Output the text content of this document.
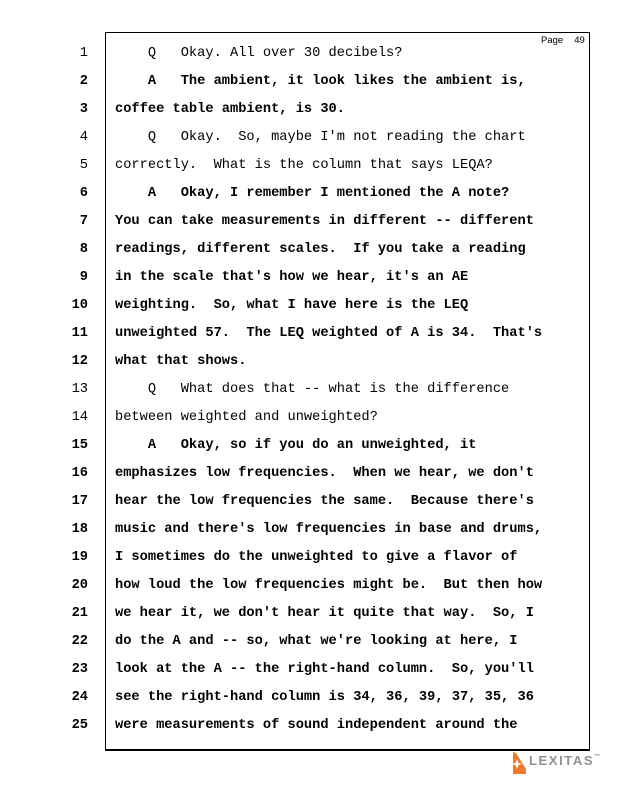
Page 49
1 Q   Okay. All over 30 decibels?
2 A   The ambient, it look likes the ambient is,
3 coffee table ambient, is 30.
4 Q   Okay.  So, maybe I'm not reading the chart
5 correctly.  What is the column that says LEQA?
6 A   Okay, I remember I mentioned the A note?
7 You can take measurements in different -- different
8 readings, different scales.  If you take a reading
9 in the scale that's how we hear, it's an AE
10 weighting.  So, what I have here is the LEQ
11 unweighted 57.  The LEQ weighted of A is 34.  That's
12 what that shows.
13 Q   What does that -- what is the difference
14 between weighted and unweighted?
15 A   Okay, so if you do an unweighted, it
16 emphasizes low frequencies.  When we hear, we don't
17 hear the low frequencies the same.  Because there's
18 music and there's low frequencies in base and drums,
19 I sometimes do the unweighted to give a flavor of
20 how loud the low frequencies might be.  But then how
21 we hear it, we don't hear it quite that way.  So, I
22 do the A and -- so, what we're looking at here, I
23 look at the A -- the right-hand column.  So, you'll
24 see the right-hand column is 34, 36, 39, 37, 35, 36
25 were measurements of sound independent around the
LEXITAS™
